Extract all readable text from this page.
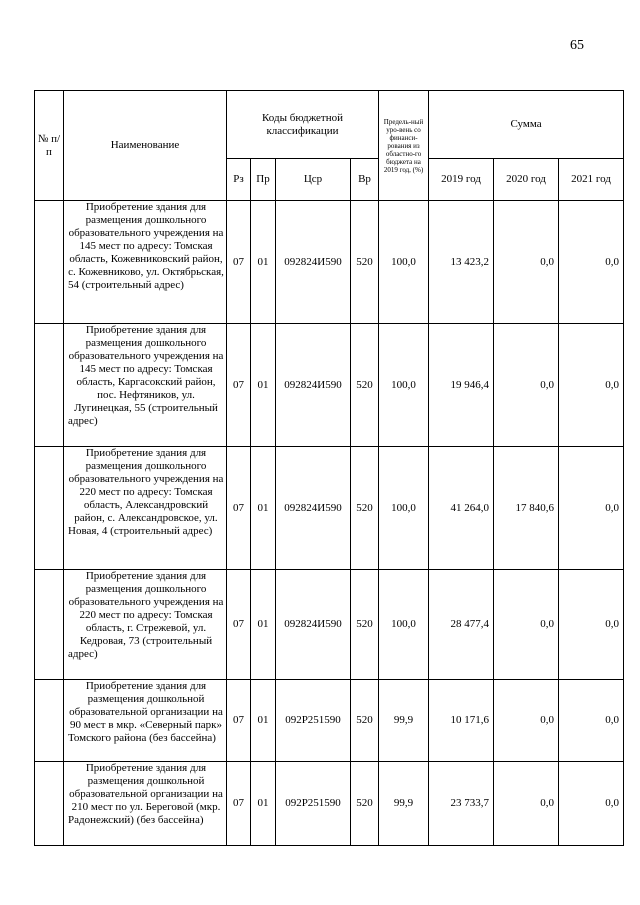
65
№ п/п	Наименование	Коды бюджетной классификации				Предель-ный уро-вень со финанси-рования из областно-го бюджета на 2019 год, (%)	Сумма		
		Рз	Пр	Цср	Вр		2019 год	2020 год	2021 год
	Приобретение здания для размещения дошкольного образовательного учреждения на 145 мест по адресу: Томская область, Кожевниковский район, с. Кожевниково, ул. Октябрьская, 54 (строительный адрес)	07	01	092824И590	520	100,0	13 423,2	0,0	0,0
	Приобретение здания для размещения дошкольного образовательного учреждения на 145 мест по адресу: Томская область, Каргасокский район, пос. Нефтяников, ул. Лугинецкая, 55 (строительный адрес)	07	01	092824И590	520	100,0	19 946,4	0,0	0,0
	Приобретение здания для размещения дошкольного образовательного учреждения на 220 мест по адресу: Томская область, Александровский район, с. Александровское, ул. Новая, 4 (строительный адрес)	07	01	092824И590	520	100,0	41 264,0	17 840,6	0,0
	Приобретение здания для размещения дошкольного образовательного учреждения на 220 мест по адресу: Томская область, г. Стрежевой, ул. Кедровая, 73 (строительный адрес)	07	01	092824И590	520	100,0	28 477,4	0,0	0,0
	Приобретение здания для размещения дошкольной образовательной организации на 90 мест в мкр. «Северный парк» Томского района (без бассейна)	07	01	092Р251590	520	99,9	10 171,6	0,0	0,0
	Приобретение здания для размещения дошкольной образовательной организации на 210 мест по ул. Береговой (мкр. Радонежский) (без бассейна)	07	01	092Р251590	520	99,9	23 733,7	0,0	0,0
